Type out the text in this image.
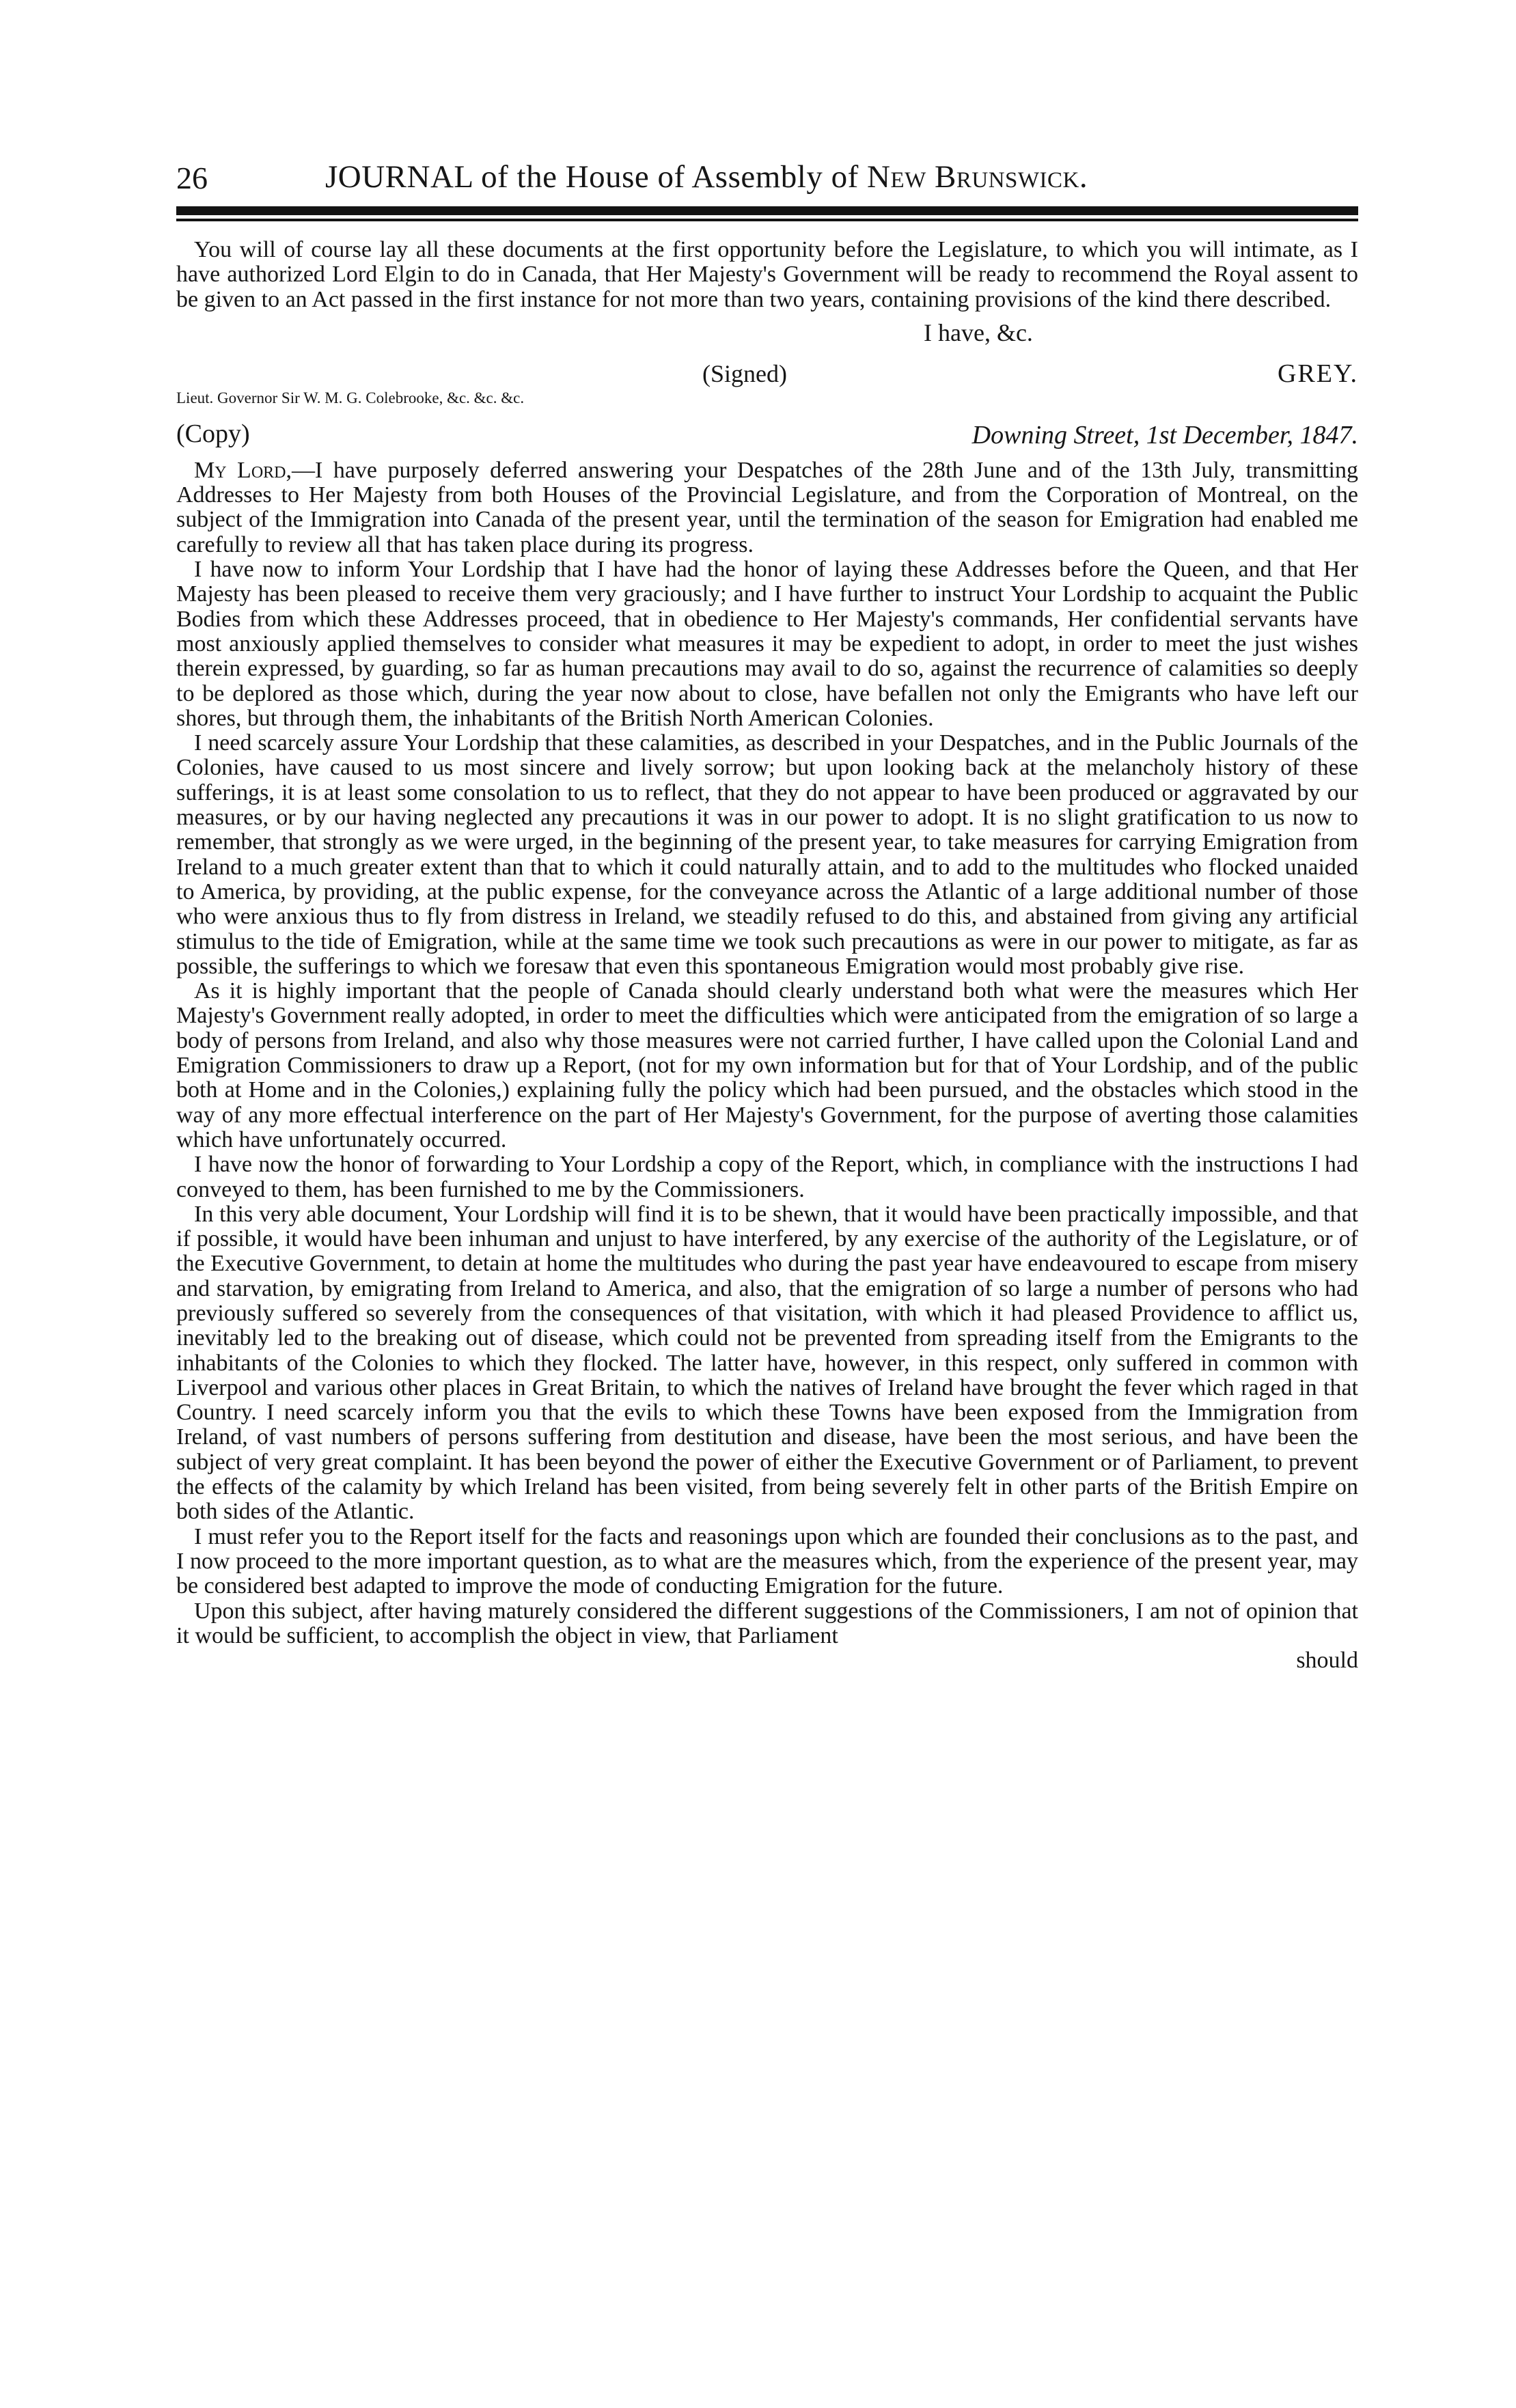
26	JOURNAL of the House of Assembly of New Brunswick.

You will of course lay all these documents at the first opportunity before the Legislature, to which you will intimate, as I have authorized Lord Elgin to do in Canada, that Her Majesty's Government will be ready to recommend the Royal assent to be given to an Act passed in the first instance for not more than two years, containing provisions of the kind there described.

I have, &c.
(Signed)	GREY.
Lieut. Governor Sir W. M. G. Colebrooke, &c. &c. &c.
(Copy)	Downing Street, 1st December, 1847.

My Lord,—I have purposely deferred answering your Despatches of the 28th June and of the 13th July, transmitting Addresses to Her Majesty from both Houses of the Provincial Legislature, and from the Corporation of Montreal, on the subject of the Immigration into Canada of the present year, until the termination of the season for Emigration had enabled me carefully to review all that has taken place during its progress.

I have now to inform Your Lordship that I have had the honor of laying these Addresses before the Queen, and that Her Majesty has been pleased to receive them very graciously; and I have further to instruct Your Lordship to acquaint the Public Bodies from which these Addresses proceed, that in obedience to Her Majesty's commands, Her confidential servants have most anxiously applied themselves to consider what measures it may be expedient to adopt, in order to meet the just wishes therein expressed, by guarding, so far as human precautions may avail to do so, against the recurrence of calamities so deeply to be deplored as those which, during the year now about to close, have befallen not only the Emigrants who have left our shores, but through them, the inhabitants of the British North American Colonies.

I need scarcely assure Your Lordship that these calamities, as described in your Despatches, and in the Public Journals of the Colonies, have caused to us most sincere and lively sorrow; but upon looking back at the melancholy history of these sufferings, it is at least some consolation to us to reflect, that they do not appear to have been produced or aggravated by our measures, or by our having neglected any precautions it was in our power to adopt. It is no slight gratification to us now to remember, that strongly as we were urged, in the beginning of the present year, to take measures for carrying Emigration from Ireland to a much greater extent than that to which it could naturally attain, and to add to the multitudes who flocked unaided to America, by providing, at the public expense, for the conveyance across the Atlantic of a large additional number of those who were anxious thus to fly from distress in Ireland, we steadily refused to do this, and abstained from giving any artificial stimulus to the tide of Emigration, while at the same time we took such precautions as were in our power to mitigate, as far as possible, the sufferings to which we foresaw that even this spontaneous Emigration would most probably give rise.

As it is highly important that the people of Canada should clearly understand both what were the measures which Her Majesty's Government really adopted, in order to meet the difficulties which were anticipated from the emigration of so large a body of persons from Ireland, and also why those measures were not carried further, I have called upon the Colonial Land and Emigration Commissioners to draw up a Report, (not for my own information but for that of Your Lordship, and of the public both at Home and in the Colonies,) explaining fully the policy which had been pursued, and the obstacles which stood in the way of any more effectual interference on the part of Her Majesty's Government, for the purpose of averting those calamities which have unfortunately occurred.

I have now the honor of forwarding to Your Lordship a copy of the Report, which, in compliance with the instructions I had conveyed to them, has been furnished to me by the Commissioners.

In this very able document, Your Lordship will find it is to be shewn, that it would have been practically impossible, and that if possible, it would have been inhuman and unjust to have interfered, by any exercise of the authority of the Legislature, or of the Executive Government, to detain at home the multitudes who during the past year have endeavoured to escape from misery and starvation, by emigrating from Ireland to America, and also, that the emigration of so large a number of persons who had previously suffered so severely from the consequences of that visitation, with which it had pleased Providence to afflict us, inevitably led to the breaking out of disease, which could not be prevented from spreading itself from the Emigrants to the inhabitants of the Colonies to which they flocked. The latter have, however, in this respect, only suffered in common with Liverpool and various other places in Great Britain, to which the natives of Ireland have brought the fever which raged in that Country. I need scarcely inform you that the evils to which these Towns have been exposed from the Immigration from Ireland, of vast numbers of persons suffering from destitution and disease, have been the most serious, and have been the subject of very great complaint. It has been beyond the power of either the Executive Government or of Parliament, to prevent the effects of the calamity by which Ireland has been visited, from being severely felt in other parts of the British Empire on both sides of the Atlantic.

I must refer you to the Report itself for the facts and reasonings upon which are founded their conclusions as to the past, and I now proceed to the more important question, as to what are the measures which, from the experience of the present year, may be considered best adapted to improve the mode of conducting Emigration for the future.

Upon this subject, after having maturely considered the different suggestions of the Commissioners, I am not of opinion that it would be sufficient, to accomplish the object in view, that Parliament

should
